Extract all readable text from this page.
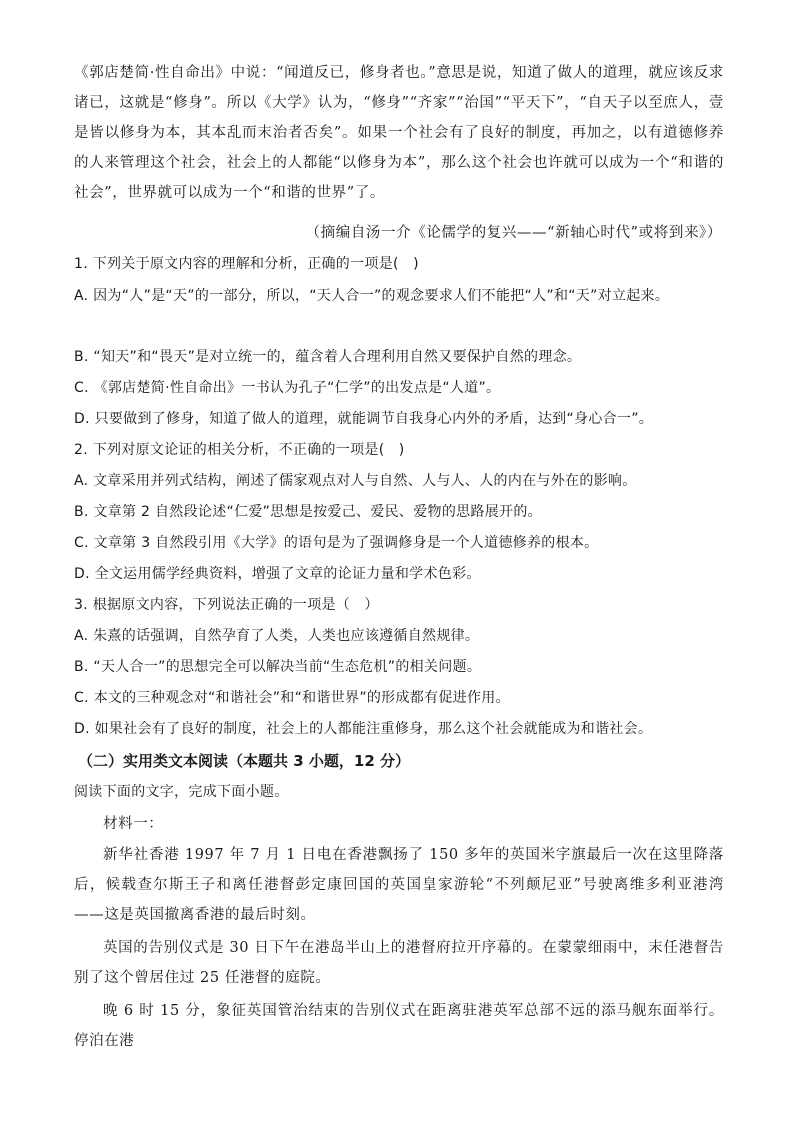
《郭店楚简·性自命出》中说：“闻道反已，修身者也。”意思是说，知道了做人的道理，就应该反求诸已，这就是“修身”。所以《大学》认为，“修身”“齐家”“治国”“平天下”，“自天子以至庶人，壹是皆以修身为本，其本乱而末治者否矣”。如果一个社会有了良好的制度，再加之，以有道德修养的人来管理这个社会，社会上的人都能“以修身为本”，那么这个社会也许就可以成为一个“和谐的社会”，世界就可以成为一个“和谐的世界”了。

（摘编自汤一介《论儒学的复兴——“新轴心时代”或将到来》）
1. 下列关于原文内容的理解和分析，正确的一项是(　)

A. 因为“人”是“天”的一部分，所以，“天人合一”的观念要求人们不能把“人”和“天”对立起来。

B. “知天”和“畏天”是对立统一的，蕴含着人合理利用自然又要保护自然的理念。
C. 《郭店楚简·性自命出》一书认为孔子“仁学”的出发点是“人道”。
D. 只要做到了修身，知道了做人的道理，就能调节自我身心内外的矛盾，达到“身心合一”。
2. 下列对原文论证的相关分析，不正确的一项是(　)
A. 文章采用并列式结构，阐述了儒家观点对人与自然、人与人、人的内在与外在的影响。
B. 文章第 2 自然段论述“仁爱”思想是按爱己、爱民、爱物的思路展开的。
C. 文章第 3 自然段引用《大学》的语句是为了强调修身是一个人道德修养的根本。
D. 全文运用儒学经典资料，增强了文章的论证力量和学术色彩。
3. 根据原文内容，下列说法正确的一项是（　）
A. 朱熹的话强调，自然孕育了人类，人类也应该遵循自然规律。
B. “天人合一”的思想完全可以解决当前“生态危机”的相关问题。
C. 本文的三种观念对“和谐社会”和“和谐世界”的形成都有促进作用。
D. 如果社会有了良好的制度，社会上的人都能注重修身，那么这个社会就能成为和谐社会。
（二）实用类文本阅读（本题共 3 小题，12 分）
阅读下面的文字，完成下面小题。
材料一：

新华社香港 1997 年 7 月 1 日电在香港飘扬了 150 多年的英国米字旗最后一次在这里降落后，候载查尔斯王子和离任港督彭定康回国的英国皇家游轮“不列颠尼亚”号驶离维多利亚港湾——这是英国撤离香港的最后时刻。

英国的告别仪式是 30 日下午在港岛半山上的港督府拉开序幕的。在蒙蒙细雨中，末任港督告别了这个曾居住过 25 任港督的庭院。

晚 6 时 15 分，象征英国管治结束的告别仪式在距离驻港英军总部不远的添马舰东面举行。停泊在港
